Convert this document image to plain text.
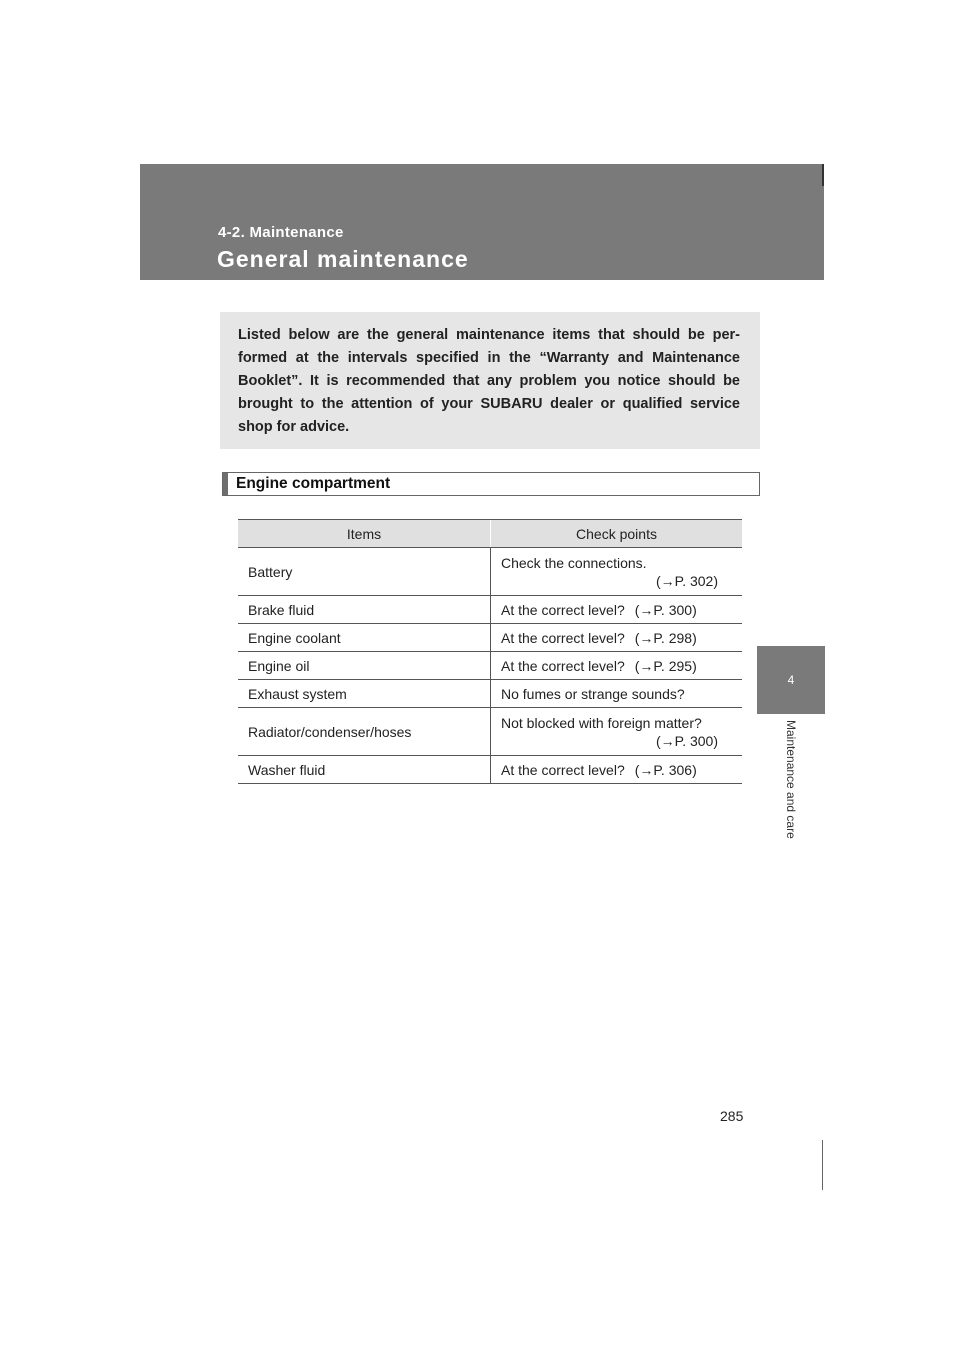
4-2. Maintenance
General maintenance
4
Maintenance and care

Listed below are the general maintenance items that should be per-formed at the intervals specified in the “Warranty and Maintenance Booklet”. It is recommended that any problem you notice should be brought to the attention of your SUBARU dealer or qualified service shop for advice.

Engine compartment
Items	Check points
Battery	Check the connections.
(→P. 302)

Brake fluid	At the correct level? (→P. 300)
Engine coolant	At the correct level? (→P. 298)
Engine oil	At the correct level? (→P. 295)
Exhaust system	No fumes or strange sounds?
Radiator/condenser/hoses	Not blocked with foreign matter?
(→P. 300)

Washer fluid	At the correct level? (→P. 306)
285
